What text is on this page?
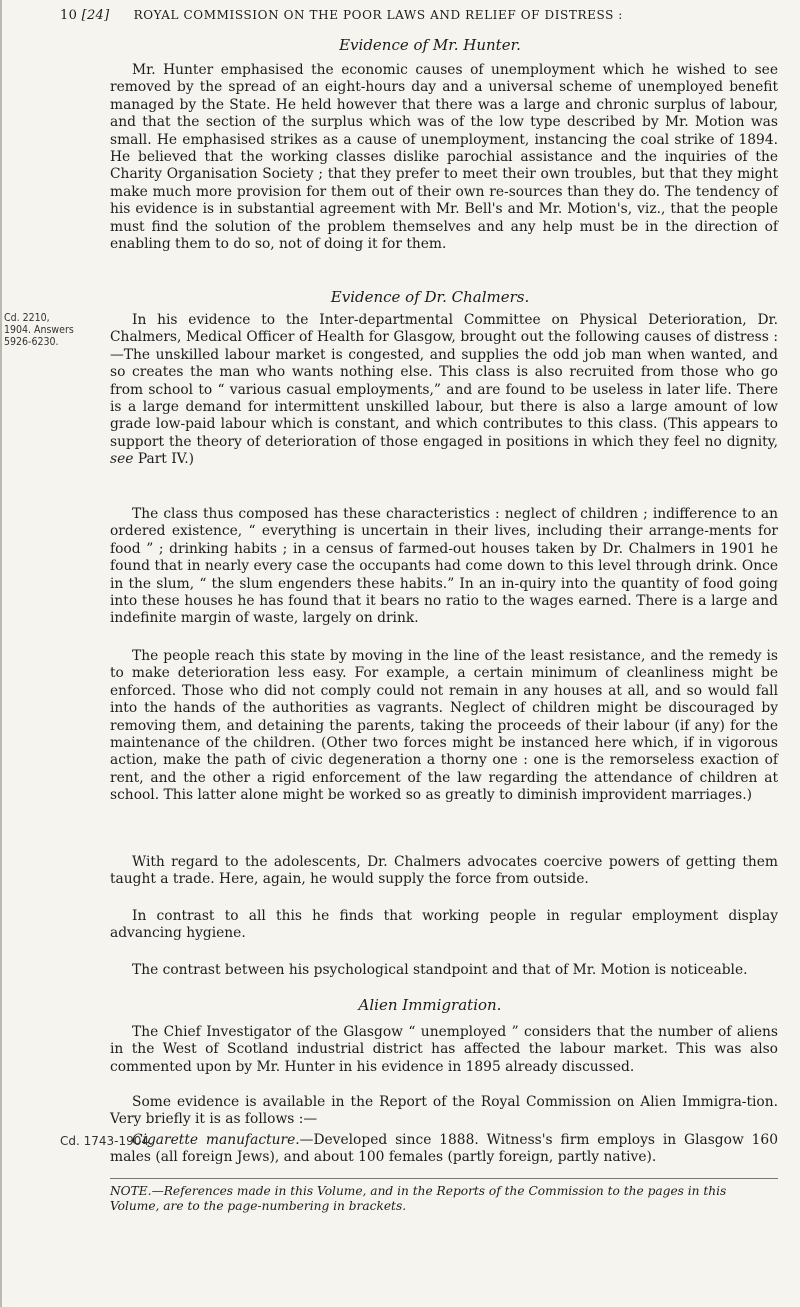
10 [24] ROYAL COMMISSION ON THE POOR LAWS AND RELIEF OF DISTRESS :
Evidence of Mr. Hunter.

Mr. Hunter emphasised the economic causes of unemployment which he wished to see removed by the spread of an eight-hours day and a universal scheme of unemployed benefit managed by the State. He held however that there was a large and chronic surplus of labour, and that the section of the surplus which was of the low type described by Mr. Motion was small. He emphasised strikes as a cause of unemployment, instancing the coal strike of 1894. He believed that the working classes dislike parochial assistance and the inquiries of the Charity Organisation Society ; that they prefer to meet their own troubles, but that they might make much more provision for them out of their own re-sources than they do. The tendency of his evidence is in substantial agreement with Mr. Bell's and Mr. Motion's, viz., that the people must find the solution of the problem themselves and any help must be in the direction of enabling them to do so, not of doing it for them.

Evidence of Dr. Chalmers.
Cd. 2210, 1904. Answers 5926-6230.

In his evidence to the Inter-departmental Committee on Physical Deterioration, Dr. Chalmers, Medical Officer of Health for Glasgow, brought out the following causes of distress :—The unskilled labour market is congested, and supplies the odd job man when wanted, and so creates the man who wants nothing else. This class is also recruited from those who go from school to “ various casual employments,” and are found to be useless in later life. There is a large demand for intermittent unskilled labour, but there is also a large amount of low grade low-paid labour which is constant, and which contributes to this class. (This appears to support the theory of deterioration of those engaged in positions in which they feel no dignity, see Part IV.)

The class thus composed has these characteristics : neglect of children ; indifference to an ordered existence, “ everything is uncertain in their lives, including their arrange-ments for food ” ; drinking habits ; in a census of farmed-out houses taken by Dr. Chalmers in 1901 he found that in nearly every case the occupants had come down to this level through drink. Once in the slum, “ the slum engenders these habits.” In an in-quiry into the quantity of food going into these houses he has found that it bears no ratio to the wages earned. There is a large and indefinite margin of waste, largely on drink.

The people reach this state by moving in the line of the least resistance, and the remedy is to make deterioration less easy. For example, a certain minimum of cleanliness might be enforced. Those who did not comply could not remain in any houses at all, and so would fall into the hands of the authorities as vagrants. Neglect of children might be discouraged by removing them, and detaining the parents, taking the proceeds of their labour (if any) for the maintenance of the children. (Other two forces might be instanced here which, if in vigorous action, make the path of civic degeneration a thorny one : one is the remorseless exaction of rent, and the other a rigid enforcement of the law regarding the attendance of children at school. This latter alone might be worked so as greatly to diminish improvident marriages.)

With regard to the adolescents, Dr. Chalmers advocates coercive powers of getting them taught a trade. Here, again, he would supply the force from outside.

In contrast to all this he finds that working people in regular employment display advancing hygiene.

The contrast between his psychological standpoint and that of Mr. Motion is noticeable.

Alien Immigration.

The Chief Investigator of the Glasgow “ unemployed ” considers that the number of aliens in the West of Scotland industrial district has affected the labour market. This was also commented upon by Mr. Hunter in his evidence in 1895 already discussed.

Some evidence is available in the Report of the Royal Commission on Alien Immigra-tion. Very briefly it is as follows :—

Cd. 1743-1904.

Cigarette manufacture.—Developed since 1888. Witness's firm employs in Glasgow 160 males (all foreign Jews), and about 100 females (partly foreign, partly native).

NOTE.—References made in this Volume, and in the Reports of the Commission to the pages in this Volume, are to the page-numbering in brackets.
